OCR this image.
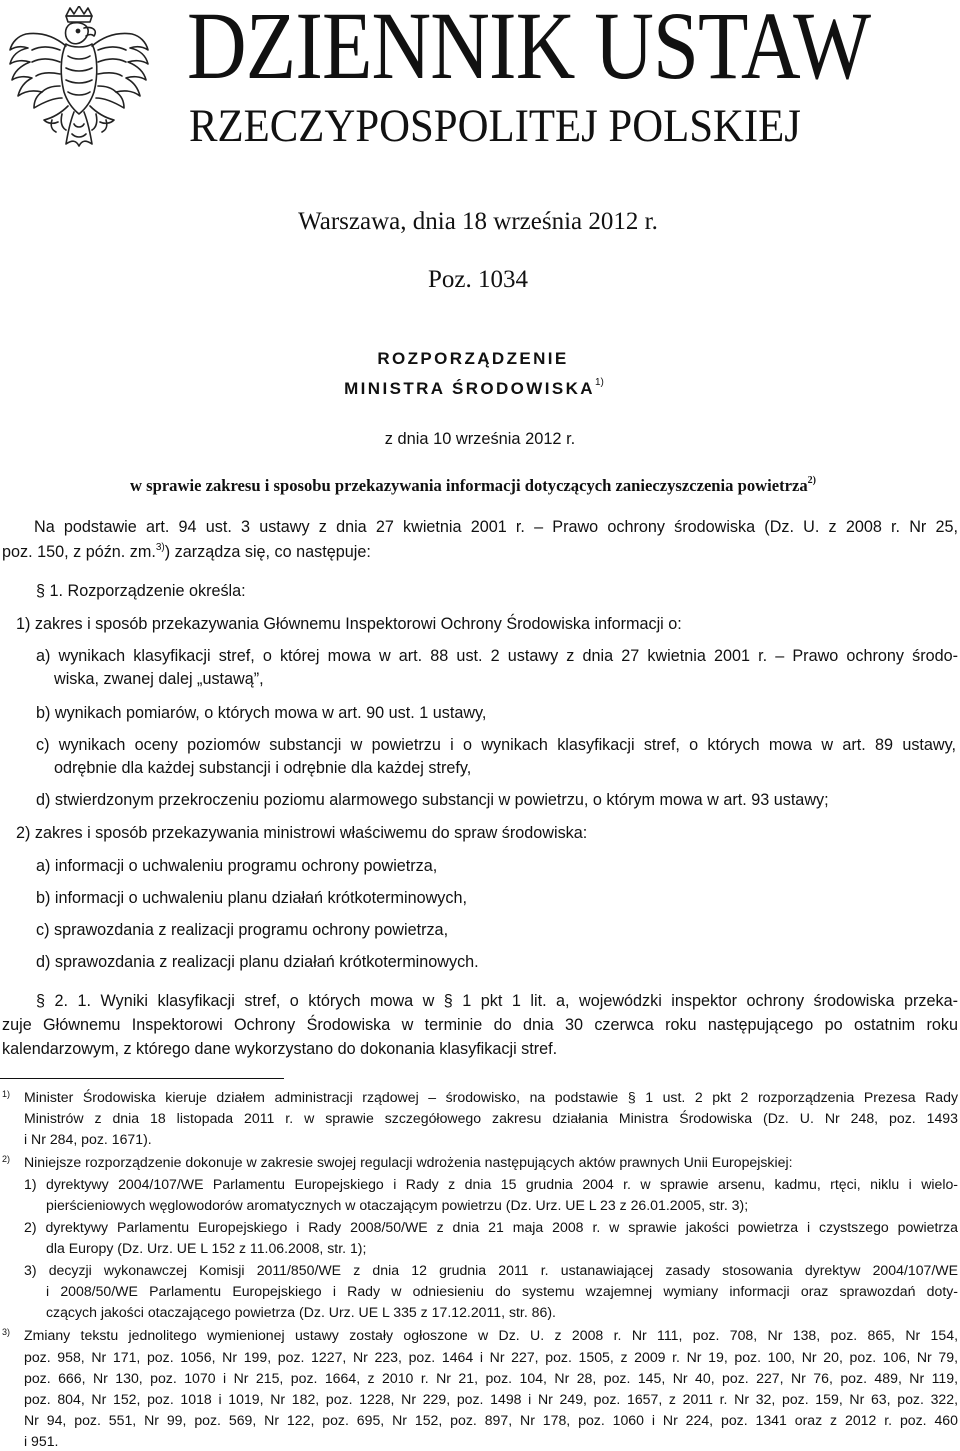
DZIENNIK USTAW
RZECZYPOSPOLITEJ POLSKIEJ
Warszawa, dnia 18 września 2012 r.
Poz. 1034
ROZPORZĄDZENIE
MINISTRA ŚRODOWISKA$^{1)}$
z dnia 10 września 2012 r.
w sprawie zakresu i sposobu przekazywania informacji dotyczących zanieczyszczenia powietrza$^{2)}$
Na podstawie art. 94 ust. 3 ustawy z dnia 27 kwietnia 2001 r. – Prawo ochrony środowiska (Dz. U. z 2008 r. Nr 25,
poz. 150, z późn. zm.$^{3)}$) zarządza się, co następuje:
§ 1. Rozporządzenie określa:
1) zakres i sposób przekazywania Głównemu Inspektorowi Ochrony Środowiska informacji o:
a) wynikach klasyfikacji stref, o której mowa w art. 88 ust. 2 ustawy z dnia 27 kwietnia 2001 r. – Prawo ochrony środo-
wiska, zwanej dalej „ustawą”,
b) wynikach pomiarów, o których mowa w art. 90 ust. 1 ustawy,
c) wynikach oceny poziomów substancji w powietrzu i o wynikach klasyfikacji stref, o których mowa w art. 89 ustawy,
odrębnie dla każdej substancji i odrębnie dla każdej strefy,
d) stwierdzonym przekroczeniu poziomu alarmowego substancji w powietrzu, o którym mowa w art. 93 ustawy;
2) zakres i sposób przekazywania ministrowi właściwemu do spraw środowiska:
a) informacji o uchwaleniu programu ochrony powietrza,
b) informacji o uchwaleniu planu działań krótkoterminowych,
c) sprawozdania z realizacji programu ochrony powietrza,
d) sprawozdania z realizacji planu działań krótkoterminowych.
§ 2. 1. Wyniki klasyfikacji stref, o których mowa w § 1 pkt 1 lit. a, wojewódzki inspektor ochrony środowiska przeka-
zuje Głównemu Inspektorowi Ochrony Środowiska w terminie do dnia 30 czerwca roku następującego po ostatnim roku
kalendarzowym, z którego dane wykorzystano do dokonania klasyfikacji stref.
1) Minister Środowiska kieruje działem administracji rządowej – środowisko, na podstawie § 1 ust. 2 pkt 2 rozporządzenia Prezesa Rady
Ministrów z dnia 18 listopada 2011 r. w sprawie szczegółowego zakresu działania Ministra Środowiska (Dz. U. Nr 248, poz. 1493
i Nr 284, poz. 1671).
2) Niniejsze rozporządzenie dokonuje w zakresie swojej regulacji wdrożenia następujących aktów prawnych Unii Europejskiej:
1) dyrektywy 2004/107/WE Parlamentu Europejskiego i Rady z dnia 15 grudnia 2004 r. w sprawie arsenu, kadmu, rtęci, niklu i wielo-
pierścieniowych węglowodorów aromatycznych w otaczającym powietrzu (Dz. Urz. UE L 23 z 26.01.2005, str. 3);
2) dyrektywy Parlamentu Europejskiego i Rady 2008/50/WE z dnia 21 maja 2008 r. w sprawie jakości powietrza i czystszego powietrza
dla Europy (Dz. Urz. UE L 152 z 11.06.2008, str. 1);
3) decyzji wykonawczej Komisji 2011/850/WE z dnia 12 grudnia 2011 r. ustanawiającej zasady stosowania dyrektyw 2004/107/WE
i 2008/50/WE Parlamentu Europejskiego i Rady w odniesieniu do systemu wzajemnej wymiany informacji oraz sprawozdań doty-
czących jakości otaczającego powietrza (Dz. Urz. UE L 335 z 17.12.2011, str. 86).
3) Zmiany tekstu jednolitego wymienionej ustawy zostały ogłoszone w Dz. U. z 2008 r. Nr 111, poz. 708, Nr 138, poz. 865, Nr 154,
poz. 958, Nr 171, poz. 1056, Nr 199, poz. 1227, Nr 223, poz. 1464 i Nr 227, poz. 1505, z 2009 r. Nr 19, poz. 100, Nr 20, poz. 106, Nr 79,
poz. 666, Nr 130, poz. 1070 i Nr 215, poz. 1664, z 2010 r. Nr 21, poz. 104, Nr 28, poz. 145, Nr 40, poz. 227, Nr 76, poz. 489, Nr 119,
poz. 804, Nr 152, poz. 1018 i 1019, Nr 182, poz. 1228, Nr 229, poz. 1498 i Nr 249, poz. 1657, z 2011 r. Nr 32, poz. 159, Nr 63, poz. 322,
Nr 94, poz. 551, Nr 99, poz. 569, Nr 122, poz. 695, Nr 152, poz. 897, Nr 178, poz. 1060 i Nr 224, poz. 1341 oraz z 2012 r. poz. 460
i 951.
